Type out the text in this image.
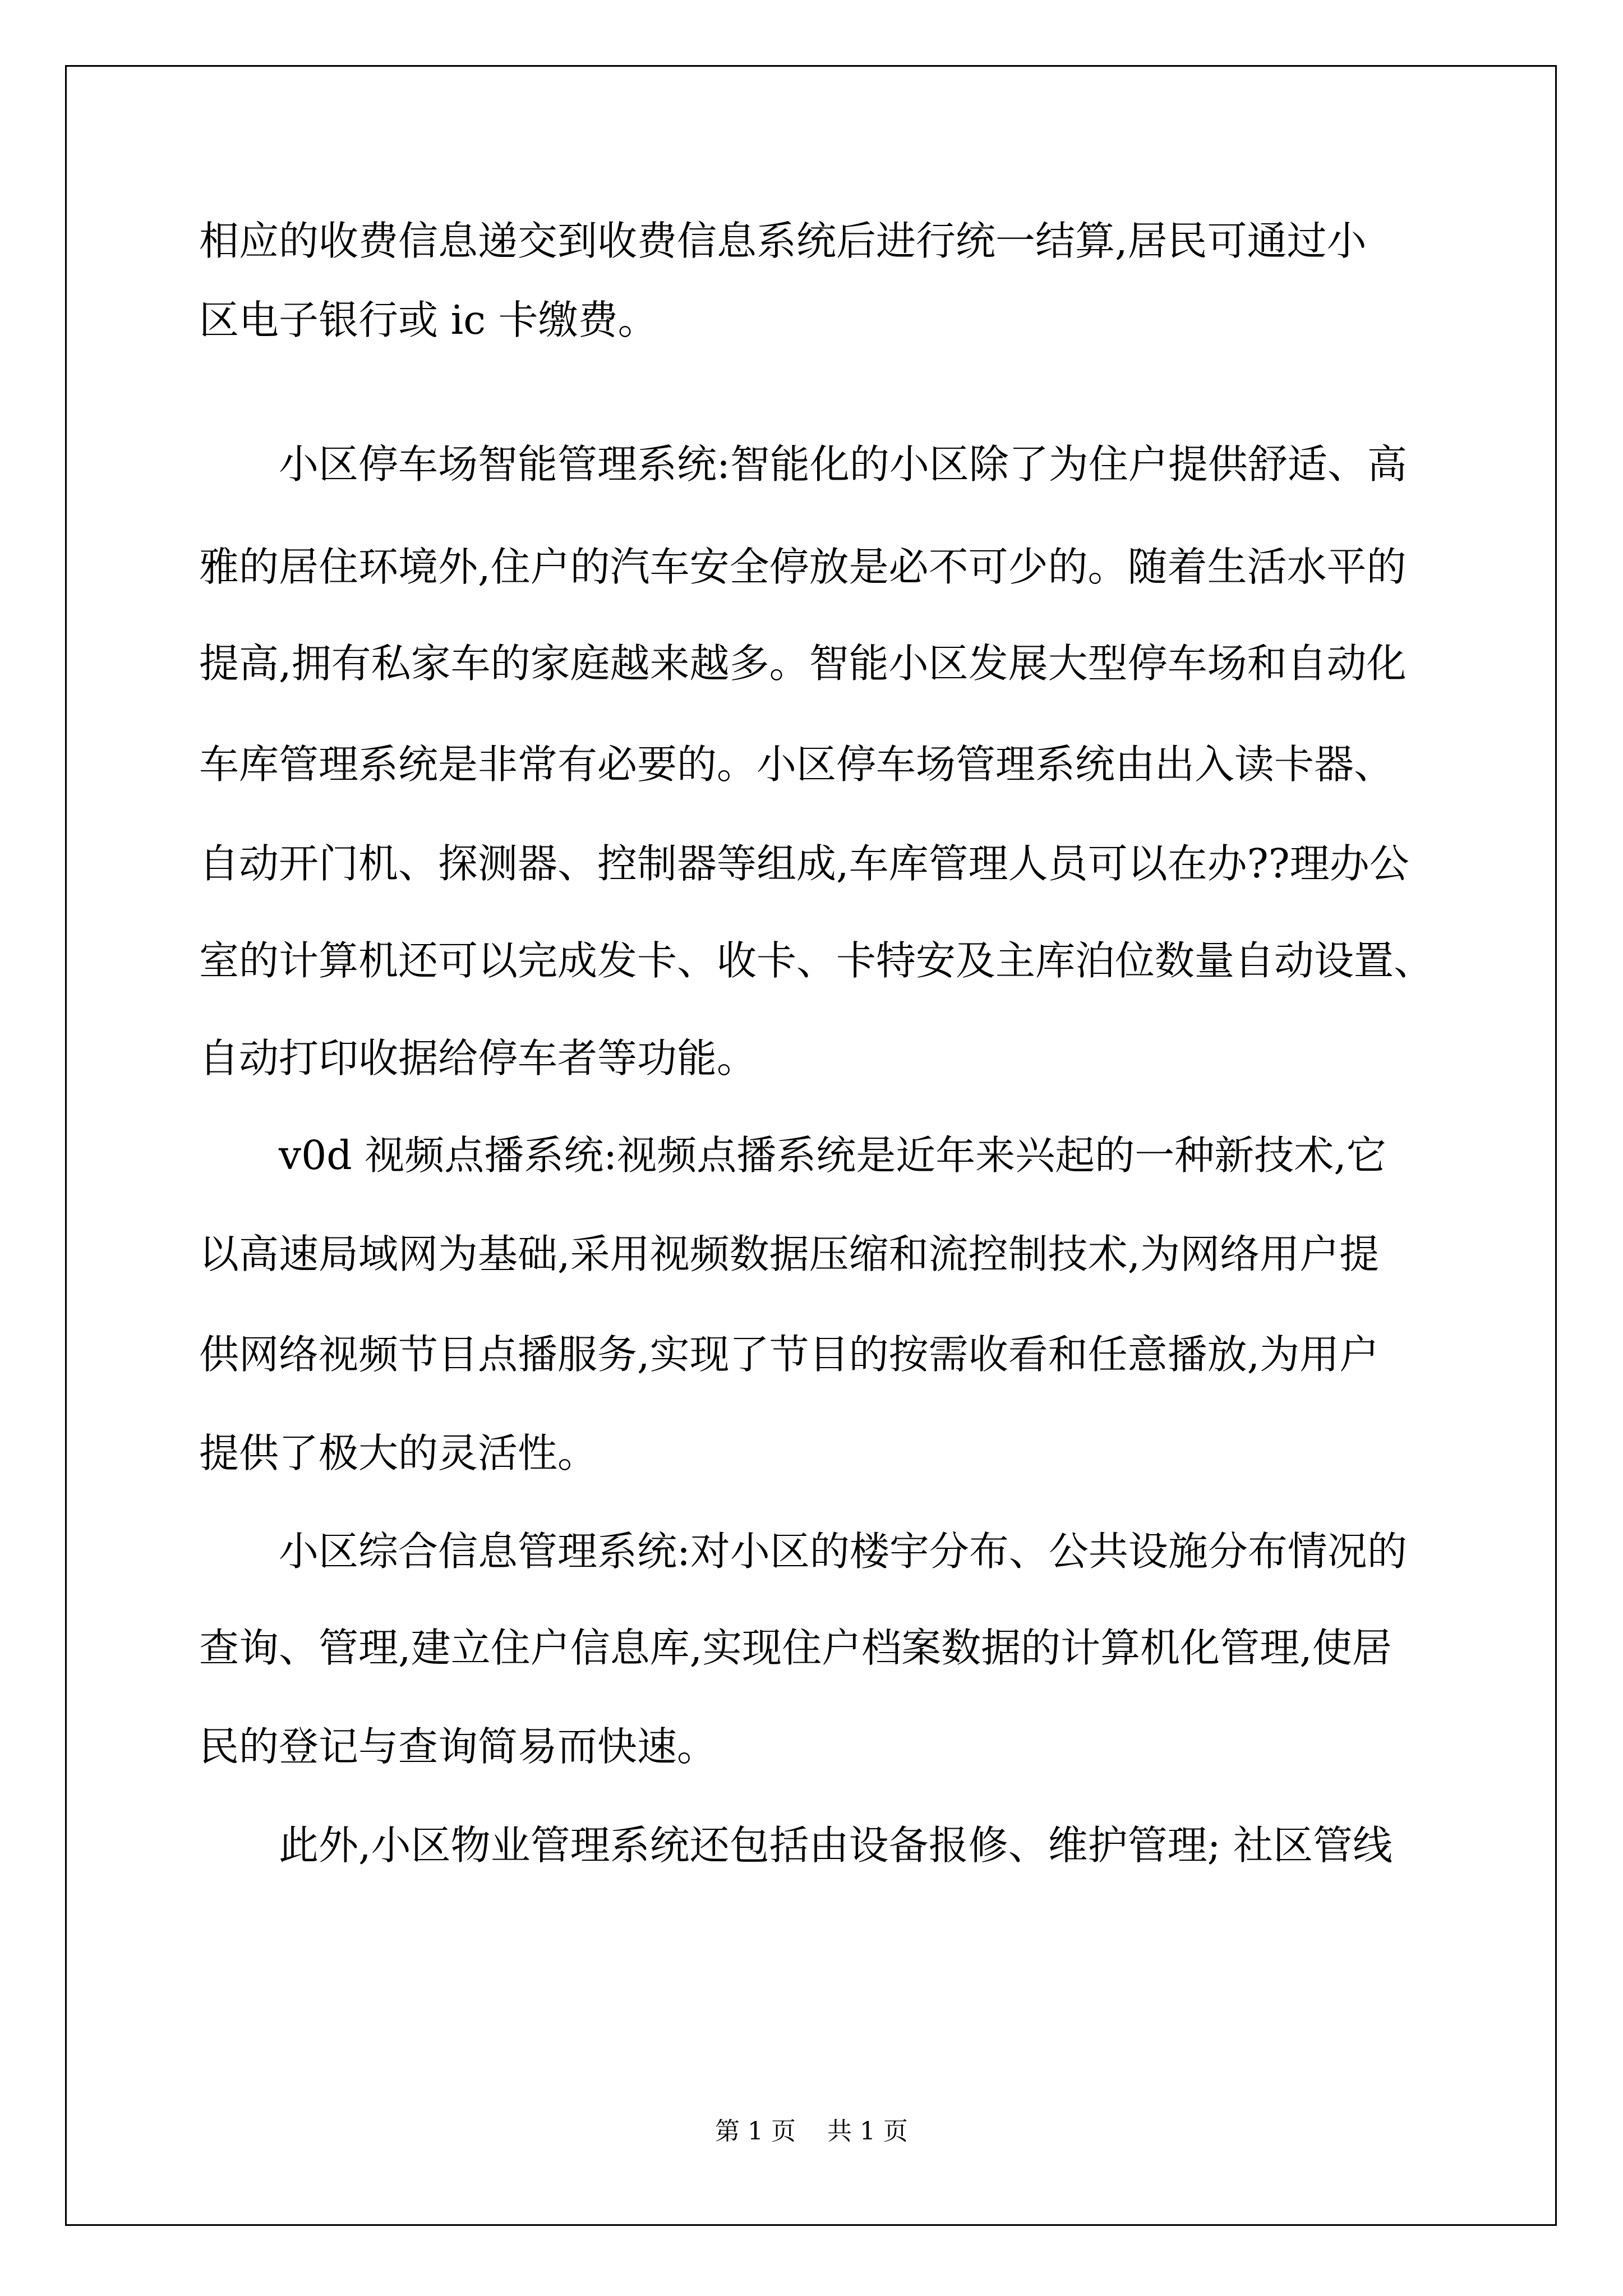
相应的收费信息递交到收费信息系统后进行统一结算,居民可通过小
区电子银行或 ic 卡缴费。
小区停车场智能管理系统:智能化的小区除了为住户提供舒适、高
雅的居住环境外,住户的汽车安全停放是必不可少的。随着生活水平的
提高,拥有私家车的家庭越来越多。智能小区发展大型停车场和自动化
车库管理系统是非常有必要的。小区停车场管理系统由出入读卡器、
自动开门机、探测器、控制器等组成,车库管理人员可以在办??理办公
室的计算机还可以完成发卡、收卡、卡特安及主库泊位数量自动设置、
自动打印收据给停车者等功能。
v0d 视频点播系统:视频点播系统是近年来兴起的一种新技术,它
以高速局域网为基础,采用视频数据压缩和流控制技术,为网络用户提
供网络视频节目点播服务,实现了节目的按需收看和任意播放,为用户
提供了极大的灵活性。
小区综合信息管理系统:对小区的楼宇分布、公共设施分布情况的
查询、管理,建立住户信息库,实现住户档案数据的计算机化管理,使居
民的登记与查询简易而快速。
此外,小区物业管理系统还包括由设备报修、维护管理; 社区管线
第 1 页 共 1 页
